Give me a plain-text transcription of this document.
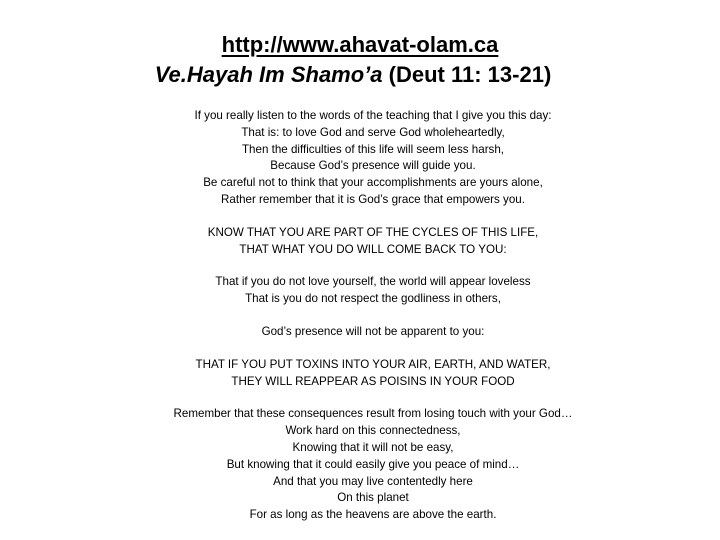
http://www.ahavat-olam.ca
Ve.Hayah Im Shamo’a (Deut 11: 13-21)

If you really listen to the words of the teaching that I give you this day:
That is: to love God and serve God wholeheartedly,
Then the difficulties of this life will seem less harsh,
Because God’s presence will guide you.
Be careful not to think that your accomplishments are yours alone,
Rather remember that it is God’s grace that empowers you.

KNOW THAT YOU ARE PART OF THE CYCLES OF THIS LIFE,
THAT WHAT YOU DO WILL COME BACK TO YOU:

That if you do not love yourself, the world will appear loveless
That is you do not respect the godliness in others,

God’s presence will not be apparent to you:

THAT IF YOU PUT TOXINS INTO YOUR AIR, EARTH, AND WATER,
THEY WILL REAPPEAR AS POISINS IN YOUR FOOD

Remember that these consequences result from losing touch with your God…
Work hard on this connectedness,
Knowing that it will not be easy,
But knowing that it could easily give you peace of mind…
And that you may live contentedly here
On this planet
For as long as the heavens are above the earth.
